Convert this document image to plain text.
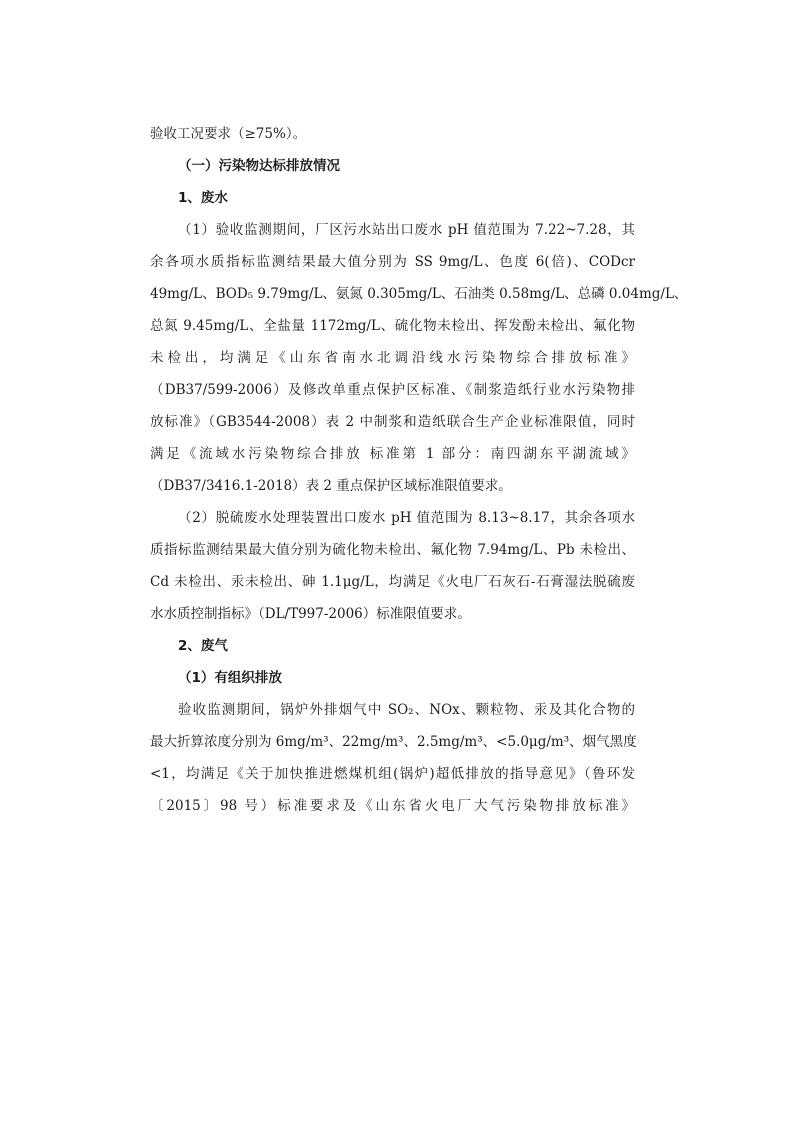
验收工况要求（≥75%）。
（一）污染物达标排放情况
1、废水
（1）验收监测期间，厂区污水站出口废水 pH 值范围为 7.22~7.28，其
余各项水质指标监测结果最大值分别为 SS 9mg/L、色度 6(倍)、CODcr
49mg/L、BOD₅ 9.79mg/L、氨氮 0.305mg/L、石油类 0.58mg/L、总磷 0.04mg/L、
总氮 9.45mg/L、全盐量 1172mg/L、硫化物未检出、挥发酚未检出、氟化物
未检出，均满足《山东省南水北调沿线水污染物综合排放标准》
（DB37/599-2006）及修改单重点保护区标准、《制浆造纸行业水污染物排
放标准》（GB3544-2008）表 2 中制浆和造纸联合生产企业标准限值，同时
满足《流域水污染物综合排放 标准第 1 部分：南四湖东平湖流域》
（DB37/3416.1-2018）表 2 重点保护区域标准限值要求。
（2）脱硫废水处理装置出口废水 pH 值范围为 8.13~8.17，其余各项水
质指标监测结果最大值分别为硫化物未检出、氟化物 7.94mg/L、Pb 未检出、
Cd 未检出、汞未检出、砷 1.1μg/L，均满足《火电厂石灰石-石膏湿法脱硫废
水水质控制指标》（DL/T997-2006）标准限值要求。
2、废气
（1）有组织排放
验收监测期间，锅炉外排烟气中 SO₂、NOx、颗粒物、汞及其化合物的
最大折算浓度分别为 6mg/m³、22mg/m³、2.5mg/m³、<5.0μg/m³、烟气黑度
<1，均满足《关于加快推进燃煤机组(锅炉)超低排放的指导意见》（鲁环发
〔2015〕98 号）标准要求及《山东省火电厂大气污染物排放标准》
